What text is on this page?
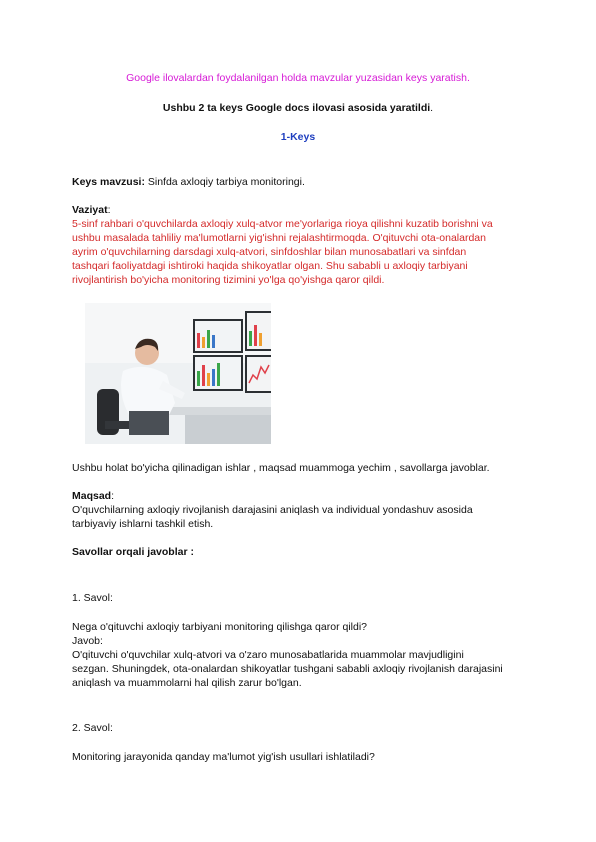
Google ilovalardan foydalanilgan holda mavzular yuzasidan keys yaratish.
Ushbu 2 ta keys Google docs ilovasi asosida yaratildi.
1-Keys
Keys mavzusi: Sinfda axloqiy tarbiya monitoringi.
Vaziyat:
5-sinf rahbari o'quvchilarda axloqiy xulq-atvor me'yorlariga rioya qilishni kuzatib borishni va
ushbu masalada tahliliy ma'lumotlarni yig'ishni rejalashtirmoqda. O'qituvchi ota-onalardan
ayrim o'quvchilarning darsdagi xulq-atvori, sinfdoshlar bilan munosabatlari va sinfdan
tashqari faoliyatdagi ishtiroki haqida shikoyatlar olgan. Shu sababli u axloqiy tarbiyani
rivojlantirish bo'yicha monitoring tizimini yo'lga qo'yishga qaror qildi.
Ushbu holat bo'yicha qilinadigan ishlar , maqsad muammoga yechim , savollarga javoblar.
Maqsad:
O'quvchilarning axloqiy rivojlanish darajasini aniqlash va individual yondashuv asosida
tarbiyaviy ishlarni tashkil etish.
Savollar orqali javoblar :
1. Savol:
Nega o'qituvchi axloqiy tarbiyani monitoring qilishga qaror qildi?
Javob:
O'qituvchi o'quvchilar xulq-atvori va o'zaro munosabatlarida muammolar mavjudligini
sezgan. Shuningdek, ota-onalardan shikoyatlar tushgani sababli axloqiy rivojlanish darajasini
aniqlash va muammolarni hal qilish zarur bo'lgan.
2. Savol:
Monitoring jarayonida qanday ma'lumot yig'ish usullari ishlatiladi?
